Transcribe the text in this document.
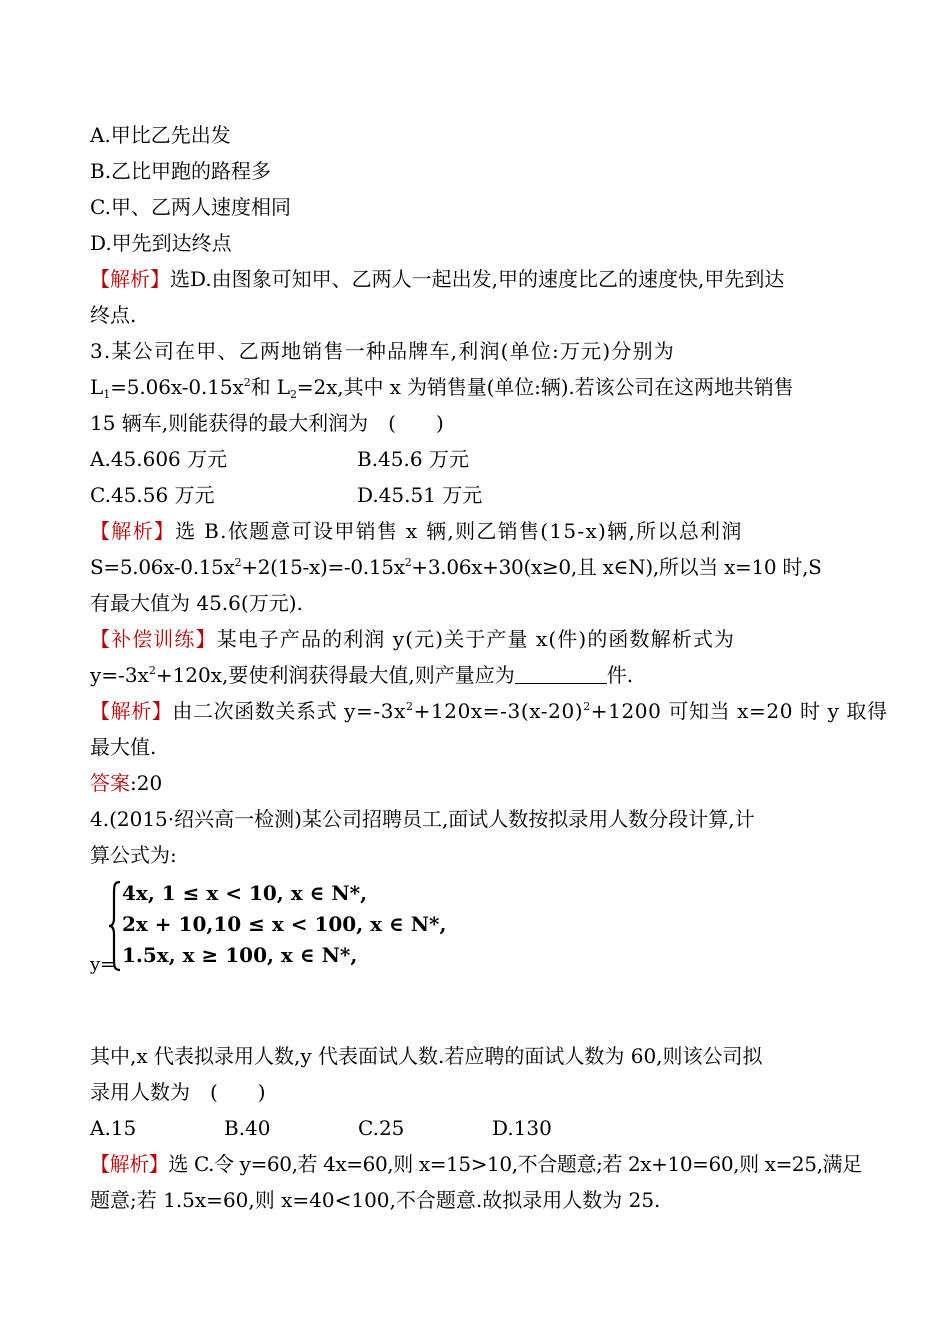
A.甲比乙先出发
B.乙比甲跑的路程多
C.甲、乙两人速度相同
D.甲先到达终点
【解析】选D.由图象可知甲、乙两人一起出发,甲的速度比乙的速度快,甲先到达
终点.
3.某公司在甲、乙两地销售一种品牌车,利润(单位:万元)分别为
$L_1=5.06x-0.15x^2$和 $L_2=2x$,其中 x 为销售量(单位:辆).若该公司在这两地共销售
15 辆车,则能获得的最大利润为　(　　)
A.45.606 万元	B.45.6 万元
C.45.56 万元	D.45.51 万元
【解析】选 B.依题意可设甲销售 x 辆,则乙销售(15-x)辆,所以总利润
$S=5.06x-0.15x^2+2(15-x)=-0.15x^2+3.06x+30(x\ge 0$,且 x∈N),所以当 x=10 时,S
有最大值为 45.6(万元).
【补偿训练】某电子产品的利润 y(元)关于产量 x(件)的函数解析式为
$y=-3x^2+120x$,要使利润获得最大值,则产量应为	件.
【解析】由二次函数关系式 $y=-3x^2+120x=-3(x-20)^2+1200$ 可知当 x=20 时 y 取得
最大值.
答案:20
4.(2015·绍兴高一检测)某公司招聘员工,面试人数按拟录用人数分段计算,计
算公式为:
y=
4x, 1 ≤ x < 10, x ∈ N*,
2x + 10,10 ≤ x < 100, x ∈ N*,
1.5x, x ≥ 100, x ∈ N*,
其中,x 代表拟录用人数,y 代表面试人数.若应聘的面试人数为 60,则该公司拟
录用人数为　(　　)
A.15	B.40	C.25	D.130
【解析】选 C.令 y=60,若 4x=60,则 x=15>10,不合题意;若 2x+10=60,则 x=25,满足
题意;若 1.5x=60,则 x=40<100,不合题意.故拟录用人数为 25.
